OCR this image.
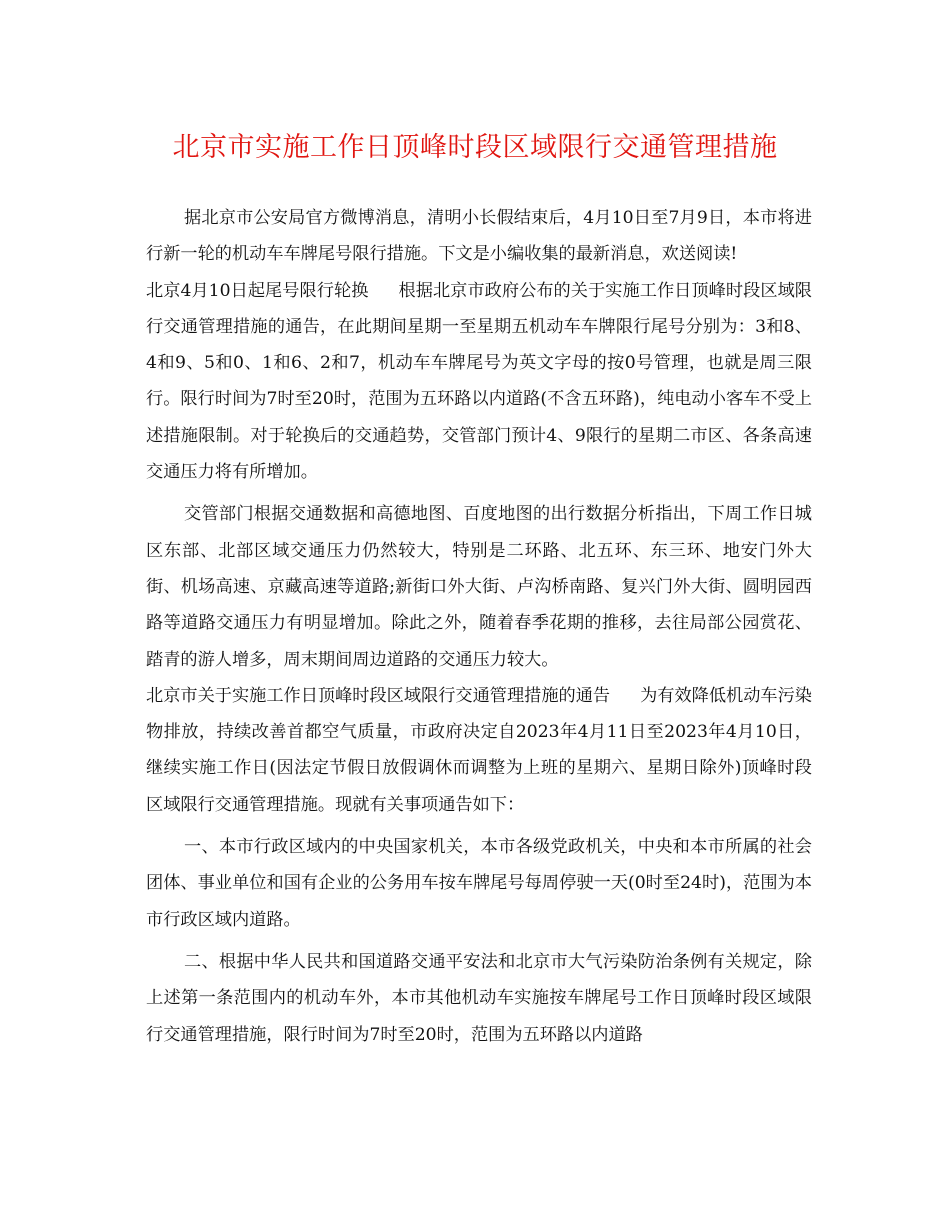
北京市实施工作日顶峰时段区域限行交通管理措施

据北京市公安局官方微博消息，清明小长假结束后，4月10日至7月9日，本市将进行新一轮的机动车车牌尾号限行措施。下文是小编收集的最新消息，欢送阅读!

北京4月10日起尾号限行轮换 根据北京市政府公布的关于实施工作日顶峰时段区域限行交通管理措施的通告，在此期间星期一至星期五机动车车牌限行尾号分别为：3和8、4和9、5和0、1和6、2和7，机动车车牌尾号为英文字母的按0号管理，也就是周三限行。限行时间为7时至20时，范围为五环路以内道路(不含五环路)，纯电动小客车不受上述措施限制。对于轮换后的交通趋势，交管部门预计4、9限行的星期二市区、各条高速交通压力将有所增加。

交管部门根据交通数据和高德地图、百度地图的出行数据分析指出，下周工作日城区东部、北部区域交通压力仍然较大，特别是二环路、北五环、东三环、地安门外大街、机场高速、京藏高速等道路;新街口外大街、卢沟桥南路、复兴门外大街、圆明园西路等道路交通压力有明显增加。除此之外，随着春季花期的推移，去往局部公园赏花、踏青的游人增多，周末期间周边道路的交通压力较大。

北京市关于实施工作日顶峰时段区域限行交通管理措施的通告 为有效降低机动车污染物排放，持续改善首都空气质量，市政府决定自2023年4月11日至2023年4月10日，继续实施工作日(因法定节假日放假调休而调整为上班的星期六、星期日除外)顶峰时段区域限行交通管理措施。现就有关事项通告如下：

一、本市行政区域内的中央国家机关，本市各级党政机关，中央和本市所属的社会团体、事业单位和国有企业的公务用车按车牌尾号每周停驶一天(0时至24时)，范围为本市行政区域内道路。

二、根据中华人民共和国道路交通平安法和北京市大气污染防治条例有关规定，除上述第一条范围内的机动车外，本市其他机动车实施按车牌尾号工作日顶峰时段区域限行交通管理措施，限行时间为7时至20时，范围为五环路以内道路
